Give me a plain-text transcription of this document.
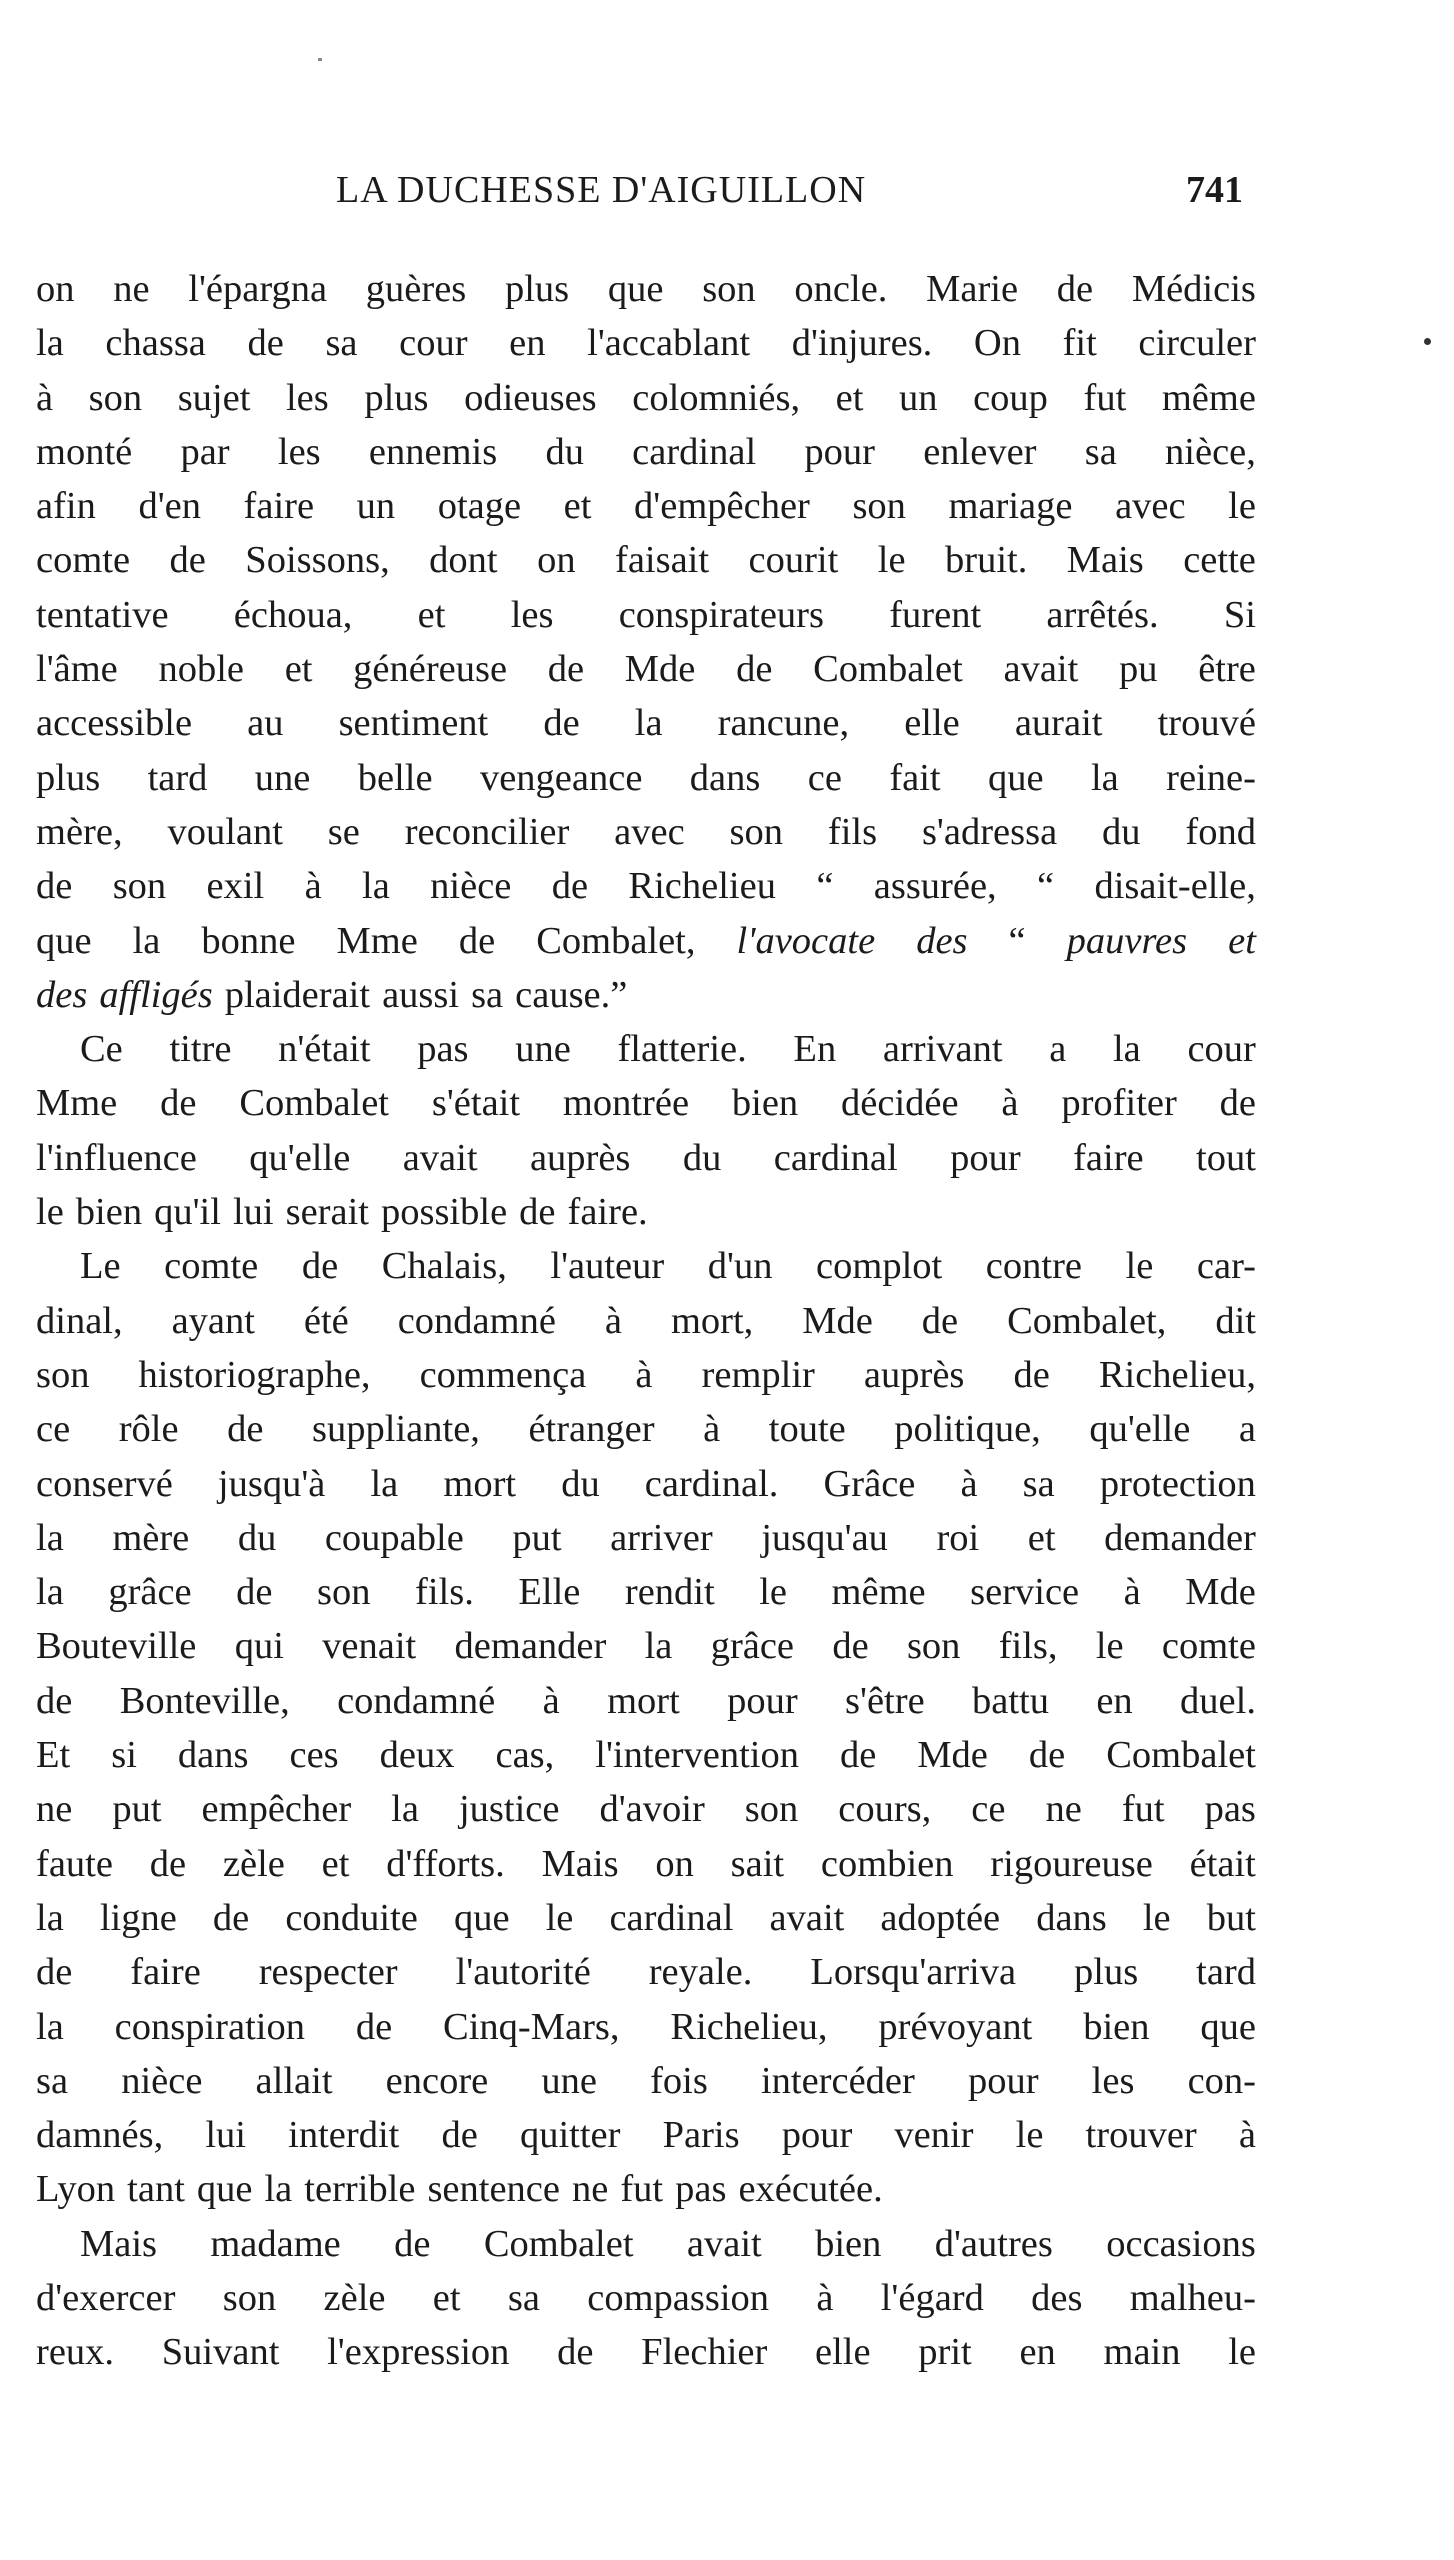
LA DUCHESSE D'AIGUILLON	741
on ne l'épargna guères plus que son oncle. Marie de Médicis
la chassa de sa cour en l'accablant d'injures. On fit circuler
à son sujet les plus odieuses colomniés, et un coup fut même
monté par les ennemis du cardinal pour enlever sa nièce,
afin d'en faire un otage et d'empêcher son mariage avec le
comte de Soissons, dont on faisait courit le bruit. Mais cette
tentative échoua, et les conspirateurs furent arrêtés. Si
l'âme noble et généreuse de Mde de Combalet avait pu être
accessible au sentiment de la rancune, elle aurait trouvé
plus tard une belle vengeance dans ce fait que la reine-
mère, voulant se reconcilier avec son fils s'adressa du fond
de son exil à la nièce de Richelieu “ assurée, “ disait-elle,
que la bonne Mme de Combalet, l'avocate des “ pauvres et
des affligés plaiderait aussi sa cause.”
Ce titre n'était pas une flatterie. En arrivant a la cour
Mme de Combalet s'était montrée bien décidée à profiter de
l'influence qu'elle avait auprès du cardinal pour faire tout
le bien qu'il lui serait possible de faire.
Le comte de Chalais, l'auteur d'un complot contre le car-
dinal, ayant été condamné à mort, Mde de Combalet, dit
son historiographe, commença à remplir auprès de Richelieu,
ce rôle de suppliante, étranger à toute politique, qu'elle a
conservé jusqu'à la mort du cardinal. Grâce à sa protection
la mère du coupable put arriver jusqu'au roi et demander
la grâce de son fils. Elle rendit le même service à Mde
Bouteville qui venait demander la grâce de son fils, le comte
de Bonteville, condamné à mort pour s'être battu en duel.
Et si dans ces deux cas, l'intervention de Mde de Combalet
ne put empêcher la justice d'avoir son cours, ce ne fut pas
faute de zèle et d'fforts. Mais on sait combien rigoureuse était
la ligne de conduite que le cardinal avait adoptée dans le but
de faire respecter l'autorité reyale. Lorsqu'arriva plus tard
la conspiration de Cinq-Mars, Richelieu, prévoyant bien que
sa nièce allait encore une fois intercéder pour les con-
damnés, lui interdit de quitter Paris pour venir le trouver à
Lyon tant que la terrible sentence ne fut pas exécutée.
Mais madame de Combalet avait bien d'autres occasions
d'exercer son zèle et sa compassion à l'égard des malheu-
reux. Suivant l'expression de Flechier elle prit en main le
